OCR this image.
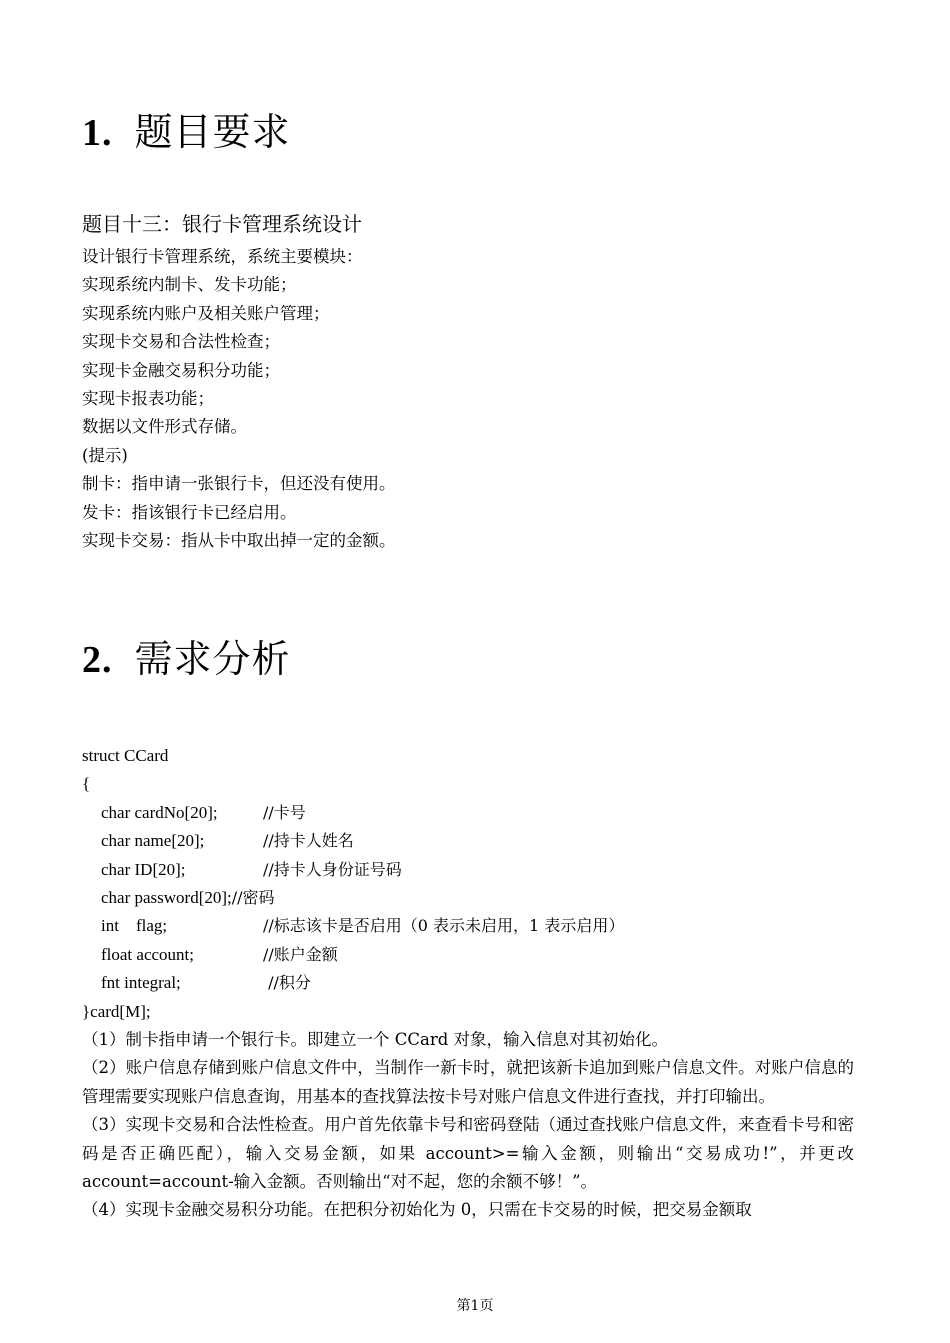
1. 题目要求
题目十三：银行卡管理系统设计
设计银行卡管理系统，系统主要模块：
实现系统内制卡、发卡功能；
实现系统内账户及相关账户管理；
实现卡交易和合法性检查；
实现卡金融交易积分功能；
实现卡报表功能；
数据以文件形式存储。
(提示)
制卡：指申请一张银行卡，但还没有使用。
发卡：指该银行卡已经启用。
实现卡交易：指从卡中取出掉一定的金额。
2. 需求分析
struct CCard
{
char cardNo[20];	//卡号
char name[20];	//持卡人姓名
char ID[20];	//持卡人身份证号码
char password[20];//密码
int    flag;	//标志该卡是否启用（0 表示未启用，1 表示启用）
float account;	//账户金额
fnt integral;	//积分
}card[M];
（1）制卡指申请一个银行卡。即建立一个 CCard 对象，输入信息对其初始化。
（2）账户信息存储到账户信息文件中，当制作一新卡时，就把该新卡追加到账户信息文件。对账户信息的管理需要实现账户信息查询，用基本的查找算法按卡号对账户信息文件进行查找，并打印输出。
（3）实现卡交易和合法性检查。用户首先依靠卡号和密码登陆（通过查找账户信息文件，来查看卡号和密码是否正确匹配），输入交易金额，如果 account>=输入金额，则输出“交易成功!”，并更改 account=account-输入金额。否则输出“对不起，您的余额不够！”。
（4）实现卡金融交易积分功能。在把积分初始化为 0，只需在卡交易的时候，把交易金额取
第1页
